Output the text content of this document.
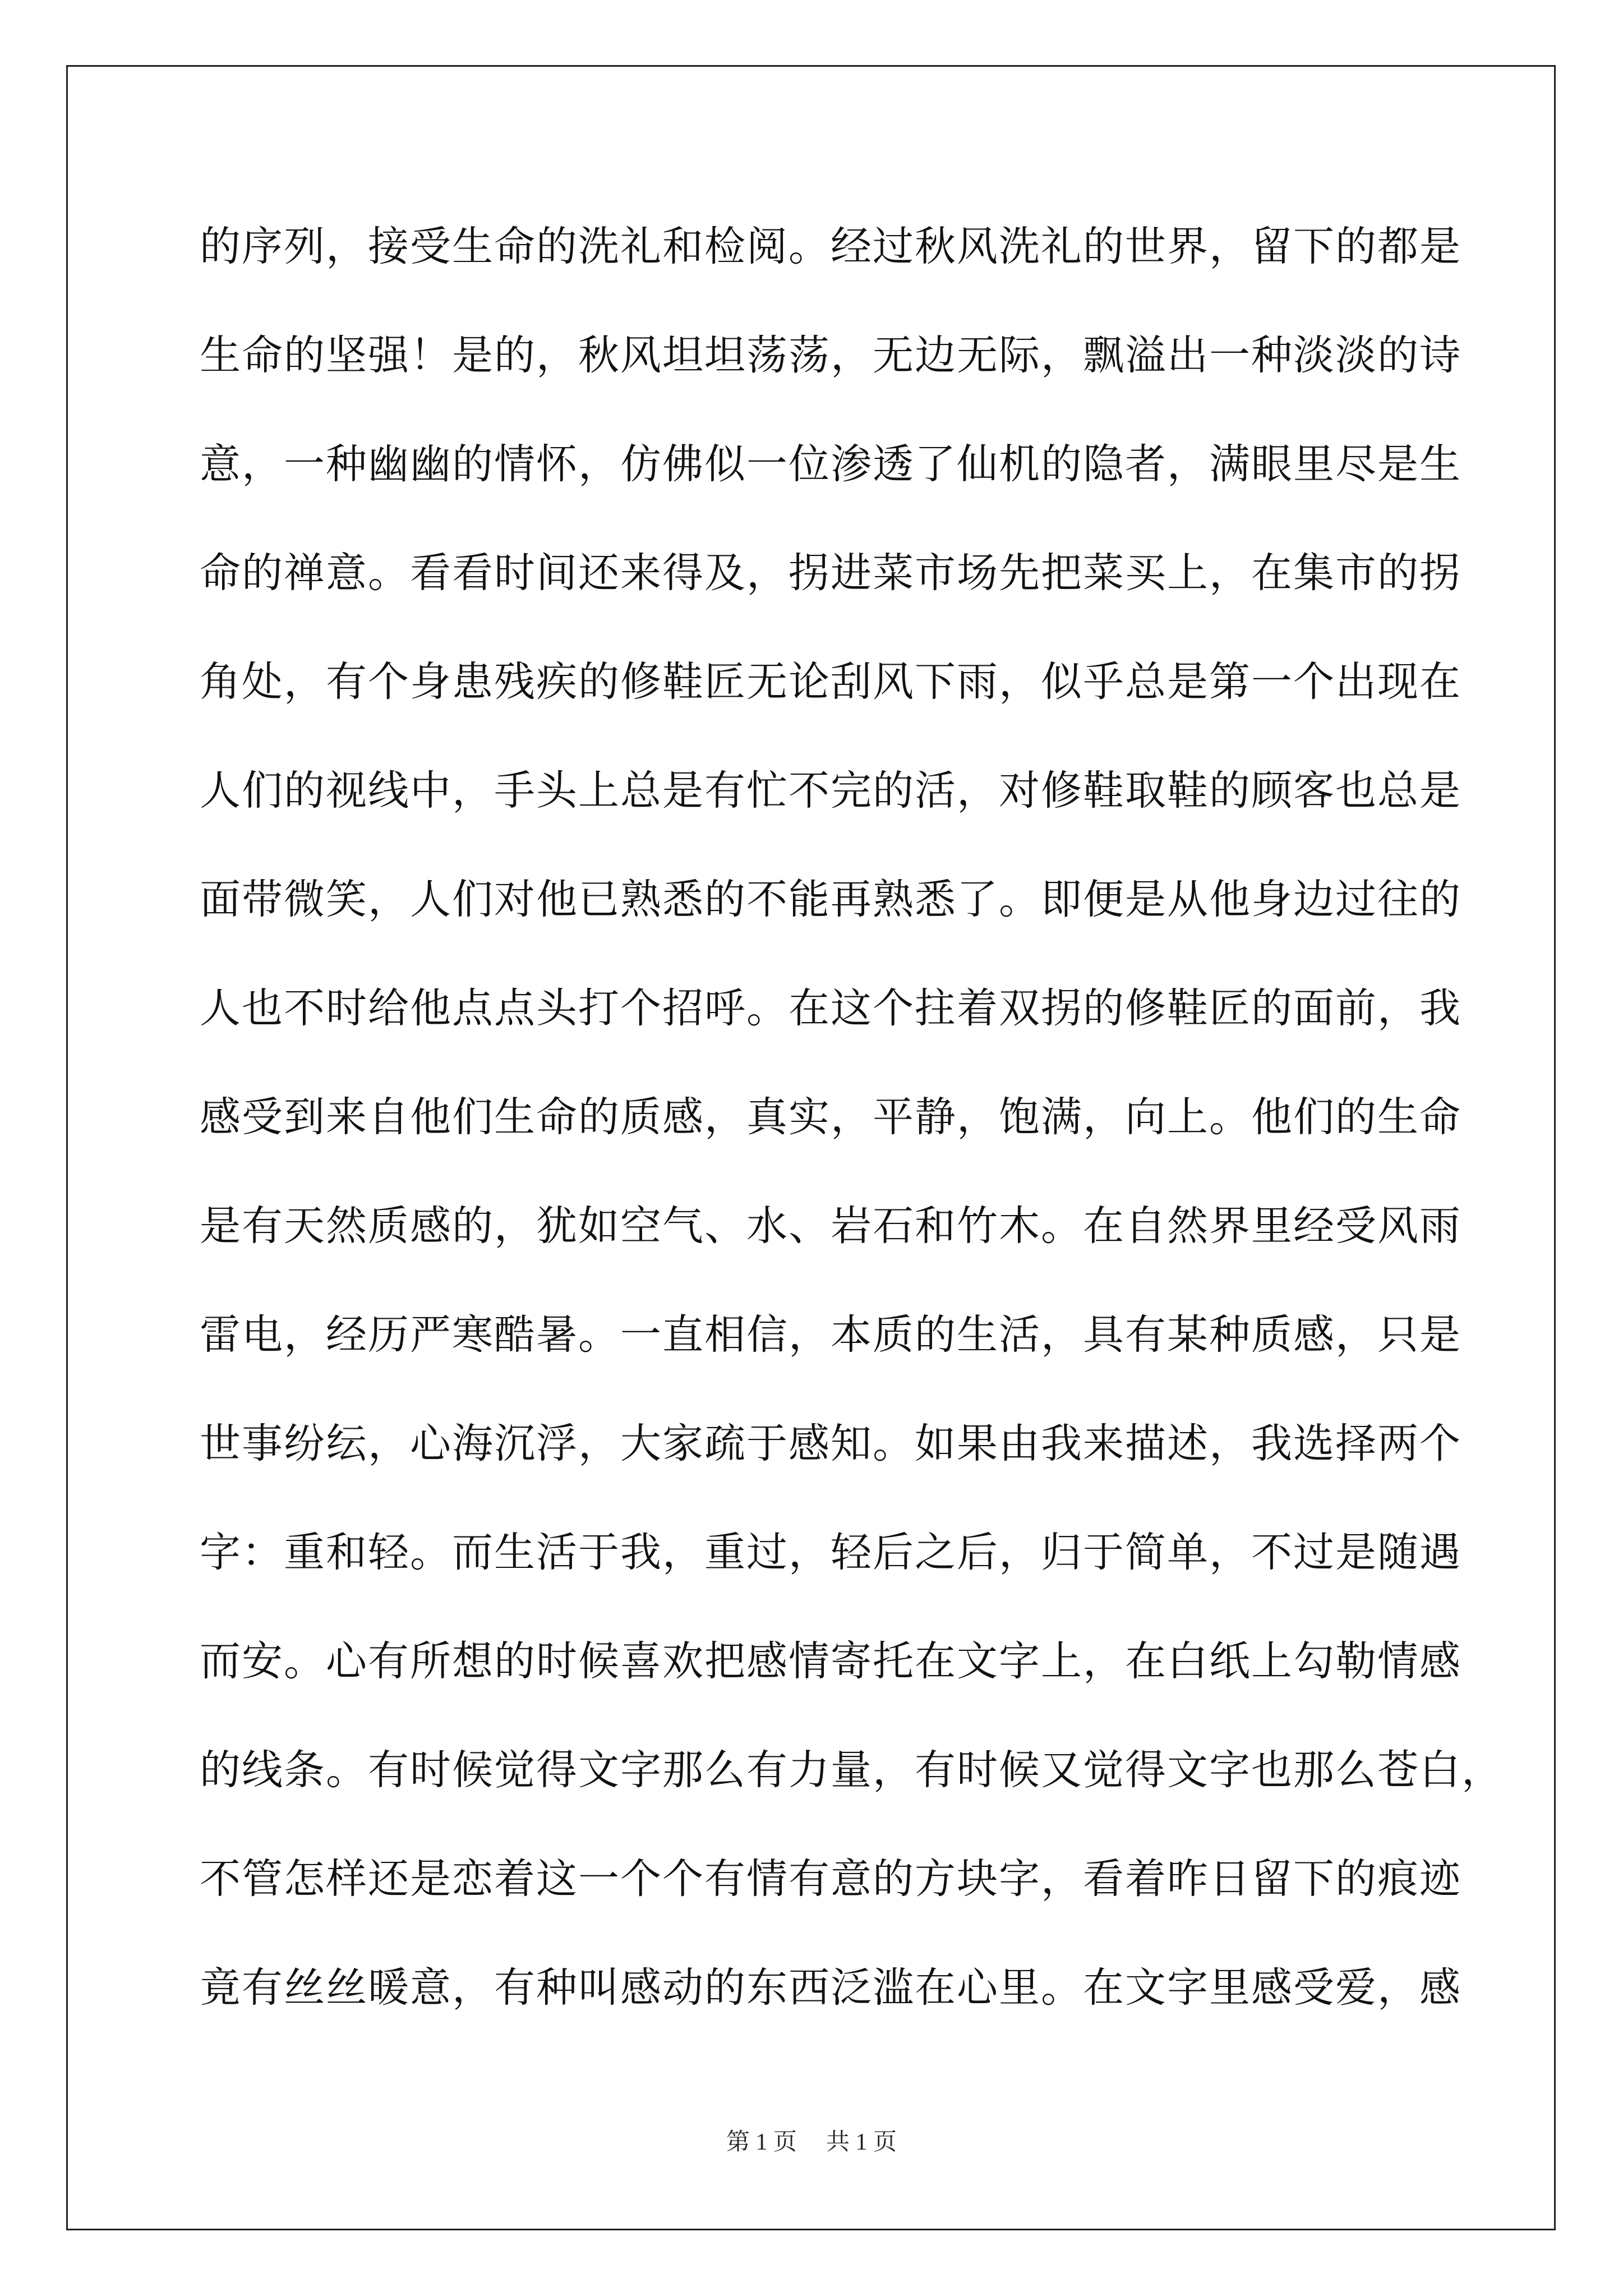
的序列，接受生命的洗礼和检阅。经过秋风洗礼的世界，留下的都是
生命的坚强！是的，秋风坦坦荡荡，无边无际，飘溢出一种淡淡的诗
意，一种幽幽的情怀，仿佛似一位渗透了仙机的隐者，满眼里尽是生
命的禅意。看看时间还来得及，拐进菜市场先把菜买上，在集市的拐
角处，有个身患残疾的修鞋匠无论刮风下雨，似乎总是第一个出现在
人们的视线中，手头上总是有忙不完的活，对修鞋取鞋的顾客也总是
面带微笑，人们对他已熟悉的不能再熟悉了。即便是从他身边过往的
人也不时给他点点头打个招呼。在这个拄着双拐的修鞋匠的面前，我
感受到来自他们生命的质感，真实，平静，饱满，向上。他们的生命
是有天然质感的，犹如空气、水、岩石和竹木。在自然界里经受风雨
雷电，经历严寒酷暑。一直相信，本质的生活，具有某种质感，只是
世事纷纭，心海沉浮，大家疏于感知。如果由我来描述，我选择两个
字：重和轻。而生活于我，重过，轻后之后，归于简单，不过是随遇
而安。心有所想的时候喜欢把感情寄托在文字上，在白纸上勾勒情感
的线条。有时候觉得文字那么有力量，有时候又觉得文字也那么苍白，
不管怎样还是恋着这一个个有情有意的方块字，看着昨日留下的痕迹
竟有丝丝暖意，有种叫感动的东西泛滥在心里。在文字里感受爱，感
第 1 页 共 1 页
